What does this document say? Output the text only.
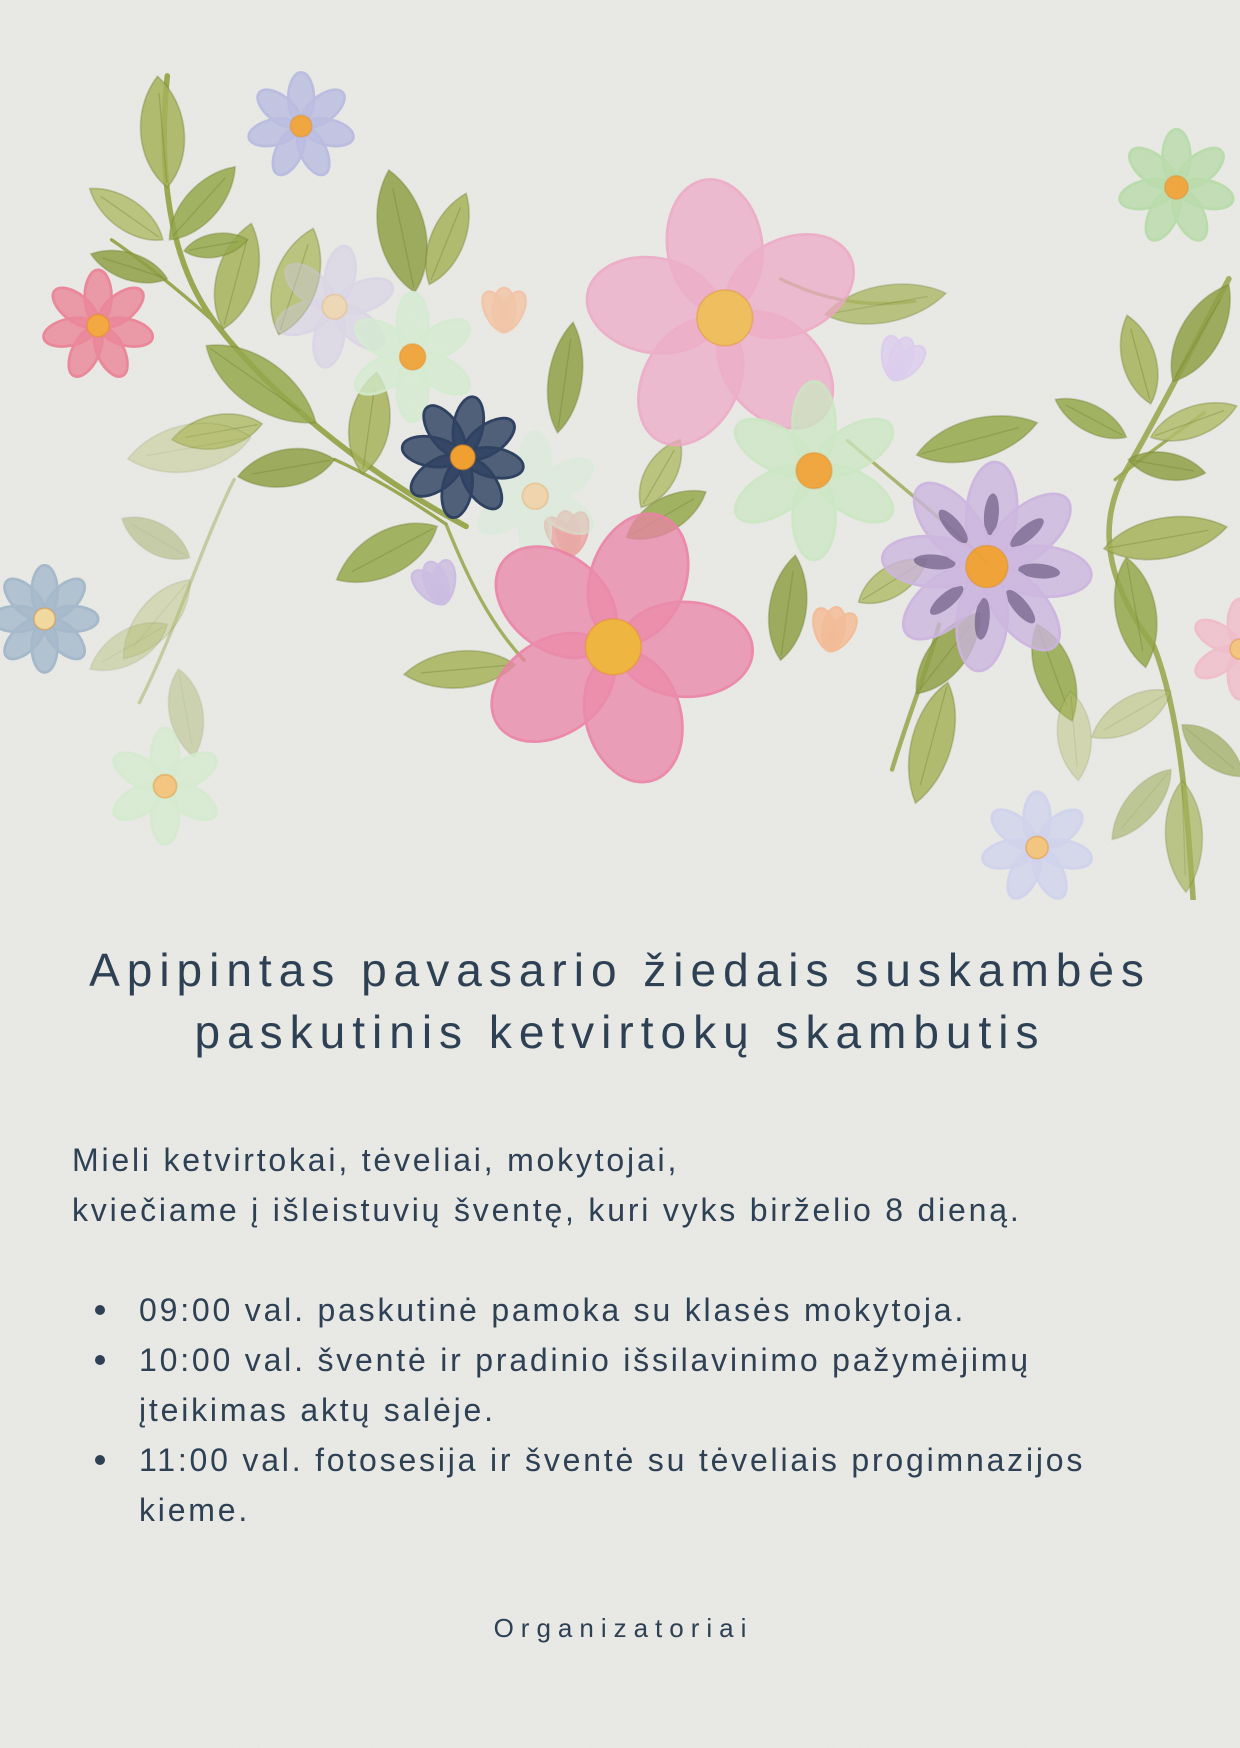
Apipintas pavasario žiedais suskambės
paskutinis ketvirtokų skambutis
Mieli ketvirtokai, tėveliai, mokytojai,
kviečiame į išleistuvių šventę, kuri vyks birželio 8 dieną.
09:00 val. paskutinė pamoka su klasės mokytoja.
10:00 val. šventė ir pradinio išsilavinimo pažymėjimų įteikimas aktų salėje.
11:00 val. fotosesija ir šventė su tėveliais progimnazijos kieme.
Organizatoriai
